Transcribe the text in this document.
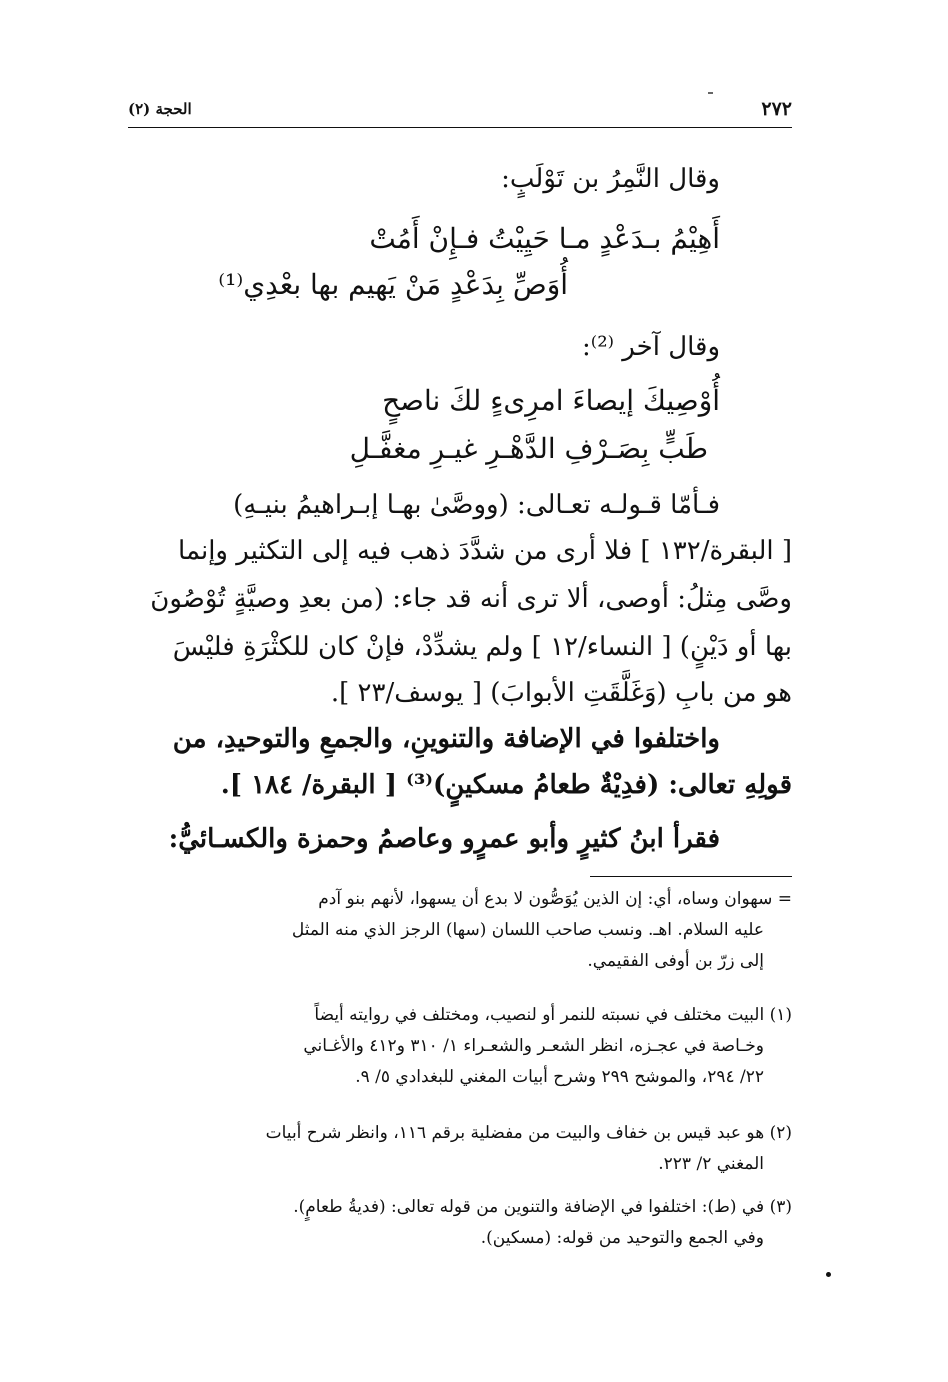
٢٧٢
الحجة (٢)
وقال النَّمِرُ بن تَوْلَبٍ:
أَهِيْمُ بـدَعْدٍ مـا حَيِيْتُ فـإِنْ أَمُتْ
أُوَصِّ بِدَعْدٍ مَنْ يَهيم بها بعْدِي⁽¹⁾
وقال آخر ⁽²⁾:
أُوْصِيكَ إيصاءَ امرِىءٍ لكَ ناصحٍ
طَبٍّ بِصَـرْفِ الدَّهْـرِ غيـرِ مغفَّـلِ
فـأمّا قـولـه تعـالى: (ووصَّىٰ بهـا إبـراهيمُ بنيـهِ)
[ البقرة/١٣٢ ] فلا أرى من شدَّدَ ذهب فيه إلى التكثير وإنما
وصَّى مِثلُ: أوصى، ألا ترى أنه قد جاء: (من بعدِ وصيَّةٍ تُوْصُونَ
بها أو دَيْنٍ) [ النساء/١٢ ] ولم يشدِّدْ، فإنْ كان للكثْرَةِ فليْسَ
هو من بابِ (وَغَلَّقَتِ الأبوابَ) [ يوسف/٢٣ ].
واختلفوا في الإضافة والتنوينِ، والجمعِ والتوحيدِ، من
قولِهِ تعالى: (فدِيْةٌ طعامُ مسكينٍ)⁽³⁾ [ البقرة/ ١٨٤ ].
فقرأ ابنُ كثيرٍ وأبو عمرٍو وعاصمُ وحمزة والكسـائيُّ:
= سهوان وساه، أي: إن الذين يُوَصُّون لا بدع أن يسهوا، لأنهم بنو آدم
عليه السلام. اهـ. ونسب صاحب اللسان (سها) الرجز الذي منه المثل
إلى زرّ بن أوفى الفقيمي.
(١) البيت مختلف في نسبته للنمر أو لنصيب، ومختلف في روايته أيضاً
وخـاصة في عجـزه، انظر الشعـر والشعـراء ١/ ٣١٠ و٤١٢ والأغـاني
٢٢/ ٢٩٤، والموشح ٢٩٩ وشرح أبيات المغني للبغدادي ٥/ ٩.
(٢) هو عبد قيس بن خفاف والبيت من مفضلية برقم ١١٦، وانظر شرح أبيات
المغني ٢/ ٢٢٣.
(٣) في (ط): اختلفوا في الإضافة والتنوين من قوله تعالى: (فديةُ طعامٍ).
وفي الجمع والتوحيد من قوله: (مسكين).
